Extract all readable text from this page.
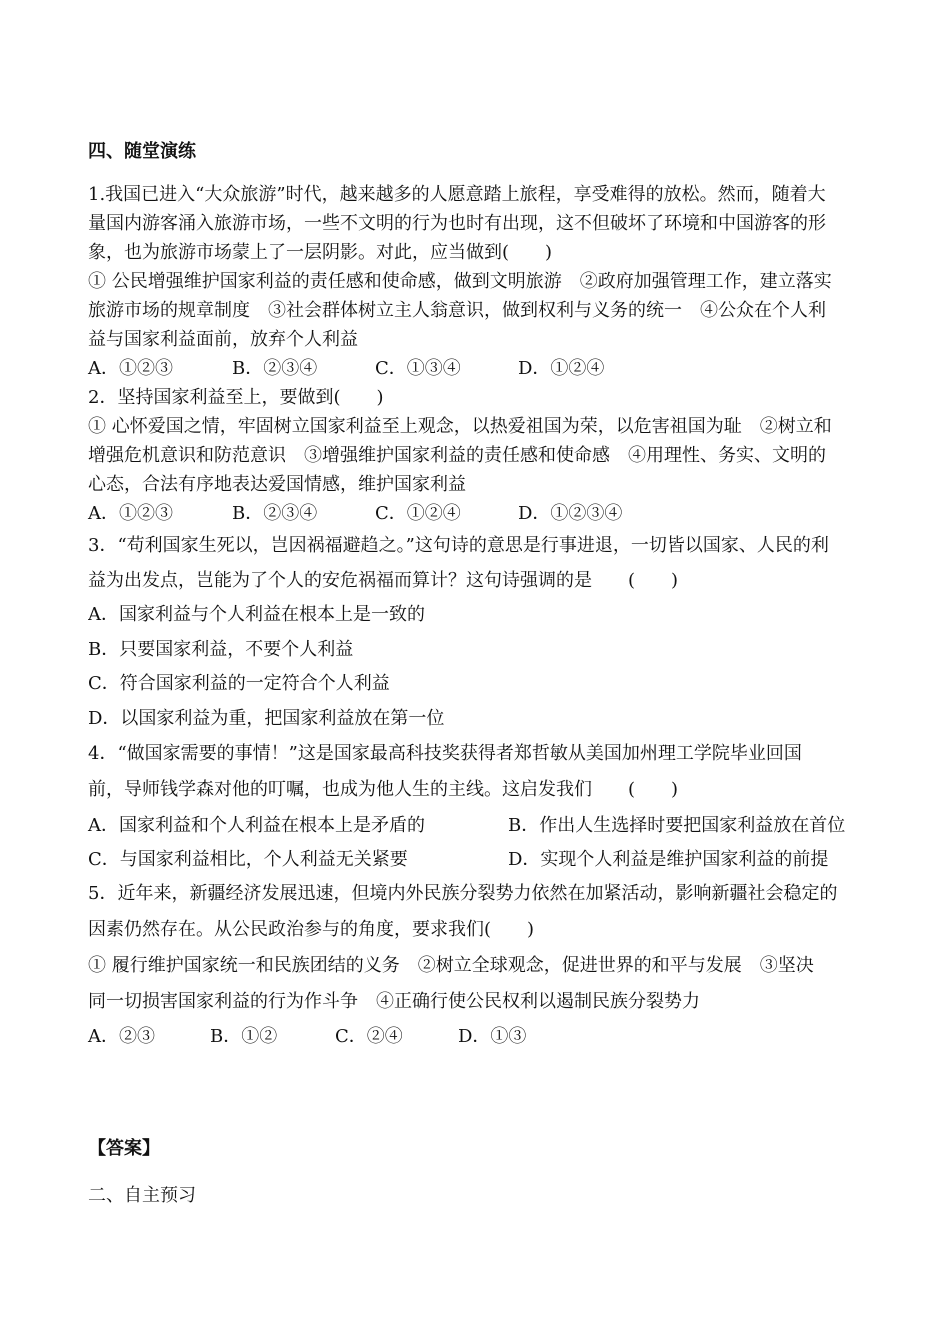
四、随堂演练
1.我国已进入“大众旅游”时代，越来越多的人愿意踏上旅程，享受难得的放松。然而，随着大
量国内游客涌入旅游市场，一些不文明的行为也时有出现，这不但破坏了环境和中国游客的形
象，也为旅游市场蒙上了一层阴影。对此，应当做到(　　)
① 公民增强维护国家利益的责任感和使命感，做到文明旅游　②政府加强管理工作，建立落实
旅游市场的规章制度　③社会群体树立主人翁意识，做到权利与义务的统一　④公众在个人利
益与国家利益面前，放弃个人利益
A．①②③	B．②③④	C．①③④	D．①②④
2．坚持国家利益至上，要做到(　　)
① 心怀爱国之情，牢固树立国家利益至上观念，以热爱祖国为荣，以危害祖国为耻　②树立和
增强危机意识和防范意识　③增强维护国家利益的责任感和使命感　④用理性、务实、文明的
心态，合法有序地表达爱国情感，维护国家利益
A．①②③	B．②③④	C．①②④	D．①②③④
3．“苟利国家生死以，岂因祸福避趋之。”这句诗的意思是行事进退，一切皆以国家、人民的利
益为出发点，岂能为了个人的安危祸福而算计？这句诗强调的是　　(　　)
A．国家利益与个人利益在根本上是一致的
B．只要国家利益，不要个人利益
C．符合国家利益的一定符合个人利益
D．以国家利益为重，把国家利益放在第一位
4．“做国家需要的事情！”这是国家最高科技奖获得者郑哲敏从美国加州理工学院毕业回国
前，导师钱学森对他的叮嘱，也成为他人生的主线。这启发我们　　(　　)
A．国家利益和个人利益在根本上是矛盾的	B．作出人生选择时要把国家利益放在首位
C．与国家利益相比，个人利益无关紧要	D．实现个人利益是维护国家利益的前提
5．近年来，新疆经济发展迅速，但境内外民族分裂势力依然在加紧活动，影响新疆社会稳定的
因素仍然存在。从公民政治参与的角度，要求我们(　　)
① 履行维护国家统一和民族团结的义务　②树立全球观念，促进世界的和平与发展　③坚决
同一切损害国家利益的行为作斗争　④正确行使公民权利以遏制民族分裂势力
A．②③	B．①②	C．②④	D．①③
【答案】
二、自主预习
